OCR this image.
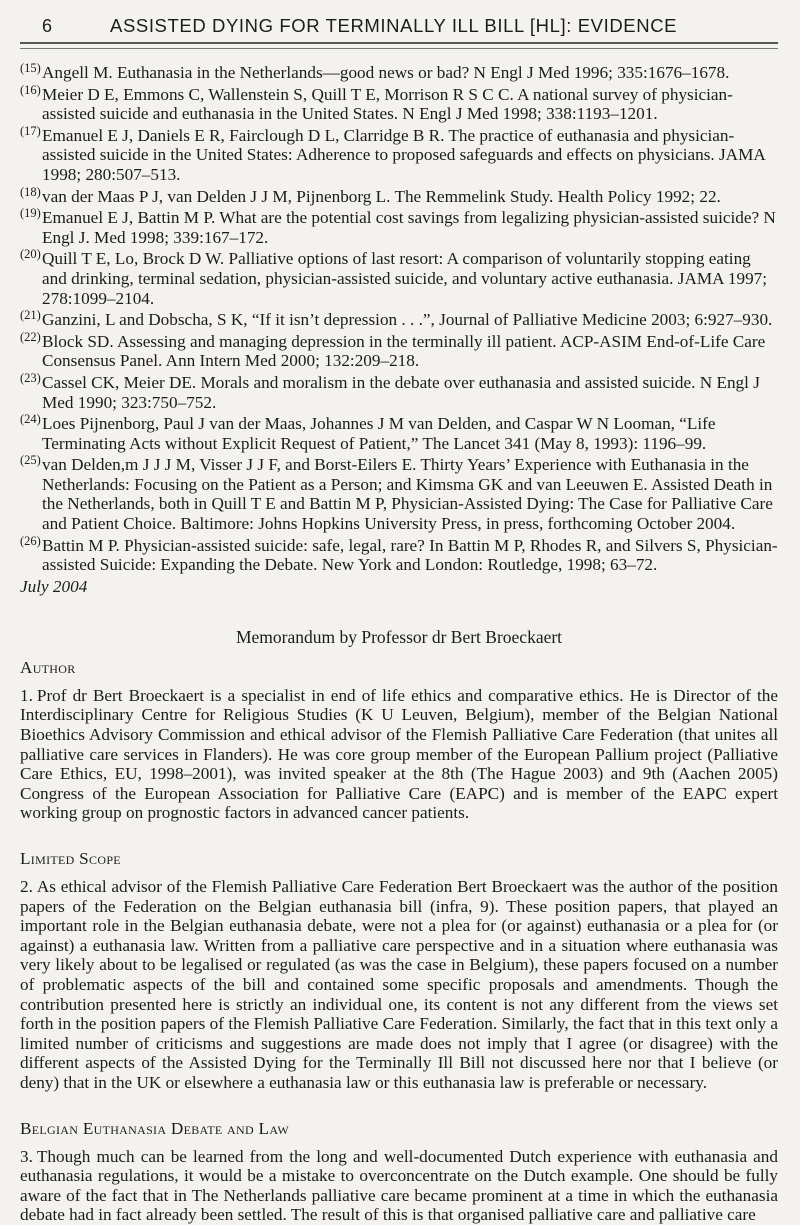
6	ASSISTED DYING FOR TERMINALLY ILL BILL [HL]: EVIDENCE
(15) Angell M. Euthanasia in the Netherlands—good news or bad? N Engl J Med 1996; 335:1676–1678.
(16) Meier D E, Emmons C, Wallenstein S, Quill T E, Morrison R S C C. A national survey of physician-assisted suicide and euthanasia in the United States. N Engl J Med 1998; 338:1193–1201.
(17) Emanuel E J, Daniels E R, Fairclough D L, Clarridge B R. The practice of euthanasia and physician-assisted suicide in the United States: Adherence to proposed safeguards and effects on physicians. JAMA 1998; 280:507–513.
(18) van der Maas P J, van Delden J J M, Pijnenborg L. The Remmelink Study. Health Policy 1992; 22.
(19) Emanuel E J, Battin M P. What are the potential cost savings from legalizing physician-assisted suicide? N Engl J. Med 1998; 339:167–172.
(20) Quill T E, Lo, Brock D W. Palliative options of last resort: A comparison of voluntarily stopping eating and drinking, terminal sedation, physician-assisted suicide, and voluntary active euthanasia. JAMA 1997; 278:1099–2104.
(21) Ganzini, L and Dobscha, S K, “If it isn’t depression . . .”, Journal of Palliative Medicine 2003; 6:927–930.
(22) Block SD. Assessing and managing depression in the terminally ill patient. ACP-ASIM End-of-Life Care Consensus Panel. Ann Intern Med 2000; 132:209–218.
(23) Cassel CK, Meier DE. Morals and moralism in the debate over euthanasia and assisted suicide. N Engl J Med 1990; 323:750–752.
(24) Loes Pijnenborg, Paul J van der Maas, Johannes J M van Delden, and Caspar W N Looman, “Life Terminating Acts without Explicit Request of Patient,” The Lancet 341 (May 8, 1993): 1196–99.
(25) van Delden,m J J J M, Visser J J F, and Borst-Eilers E. Thirty Years’ Experience with Euthanasia in the Netherlands: Focusing on the Patient as a Person; and Kimsma GK and van Leeuwen E. Assisted Death in the Netherlands, both in Quill T E and Battin M P, Physician-Assisted Dying: The Case for Palliative Care and Patient Choice. Baltimore: Johns Hopkins University Press, in press, forthcoming October 2004.
(26) Battin M P. Physician-assisted suicide: safe, legal, rare? In Battin M P, Rhodes R, and Silvers S, Physician-assisted Suicide: Expanding the Debate. New York and London: Routledge, 1998; 63–72.

July 2004

Memorandum by Professor dr Bert Broeckaert

Author

1. Prof dr Bert Broeckaert is a specialist in end of life ethics and comparative ethics. He is Director of the Interdisciplinary Centre for Religious Studies (K U Leuven, Belgium), member of the Belgian National Bioethics Advisory Commission and ethical advisor of the Flemish Palliative Care Federation (that unites all palliative care services in Flanders). He was core group member of the European Pallium project (Palliative Care Ethics, EU, 1998–2001), was invited speaker at the 8th (The Hague 2003) and 9th (Aachen 2005) Congress of the European Association for Palliative Care (EAPC) and is member of the EAPC expert working group on prognostic factors in advanced cancer patients.

Limited Scope

2. As ethical advisor of the Flemish Palliative Care Federation Bert Broeckaert was the author of the position papers of the Federation on the Belgian euthanasia bill (infra, 9). These position papers, that played an important role in the Belgian euthanasia debate, were not a plea for (or against) euthanasia or a plea for (or against) a euthanasia law. Written from a palliative care perspective and in a situation where euthanasia was very likely about to be legalised or regulated (as was the case in Belgium), these papers focused on a number of problematic aspects of the bill and contained some specific proposals and amendments. Though the contribution presented here is strictly an individual one, its content is not any different from the views set forth in the position papers of the Flemish Palliative Care Federation. Similarly, the fact that in this text only a limited number of criticisms and suggestions are made does not imply that I agree (or disagree) with the different aspects of the Assisted Dying for the Terminally Ill Bill not discussed here nor that I believe (or deny) that in the UK or elsewhere a euthanasia law or this euthanasia law is preferable or necessary.

Belgian Euthanasia Debate and Law

3. Though much can be learned from the long and well-documented Dutch experience with euthanasia and euthanasia regulations, it would be a mistake to overconcentrate on the Dutch example. One should be fully aware of the fact that in The Netherlands palliative care became prominent at a time in which the euthanasia debate had in fact already been settled. The result of this is that organised palliative care and palliative care
